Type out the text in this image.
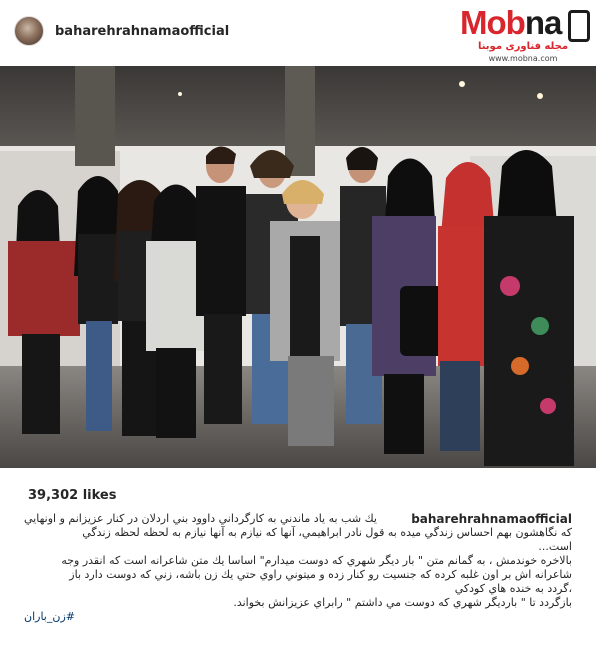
baharehrahnamaofficial	Mobna
مجله فناوری موبنا
www.mobna.com
39,302 likes
يك شب به ياد ماندني به كارگرداني داوود بني اردلان در كنار عزيزانم و اونهايي	baharehrahnamaofficial
كه نگاهشون بهم احساس زندگي ميده به قول نادر ابراهيمي، آنها كه نيازم به آنها نيازم به لحظه لحظه زندگي
است...
بالاخره خوندمش ، به گمانم متن " بار ديگر شهري كه دوست ميدارم" اساسا يك متن شاعرانه است كه انقدر وجه
شاعرانه اش بر اون غلبه كرده كه جنسيت رو كنار زده و ميتوني راوي حتي يك زن باشه، زني كه دوست دارد باز
،گردد به خنده هاي كودكي
بازگردد تا " باردیگر شهري كه دوست مي داشتم " رابراي عزيزانش بخواند.
زن_باران#
